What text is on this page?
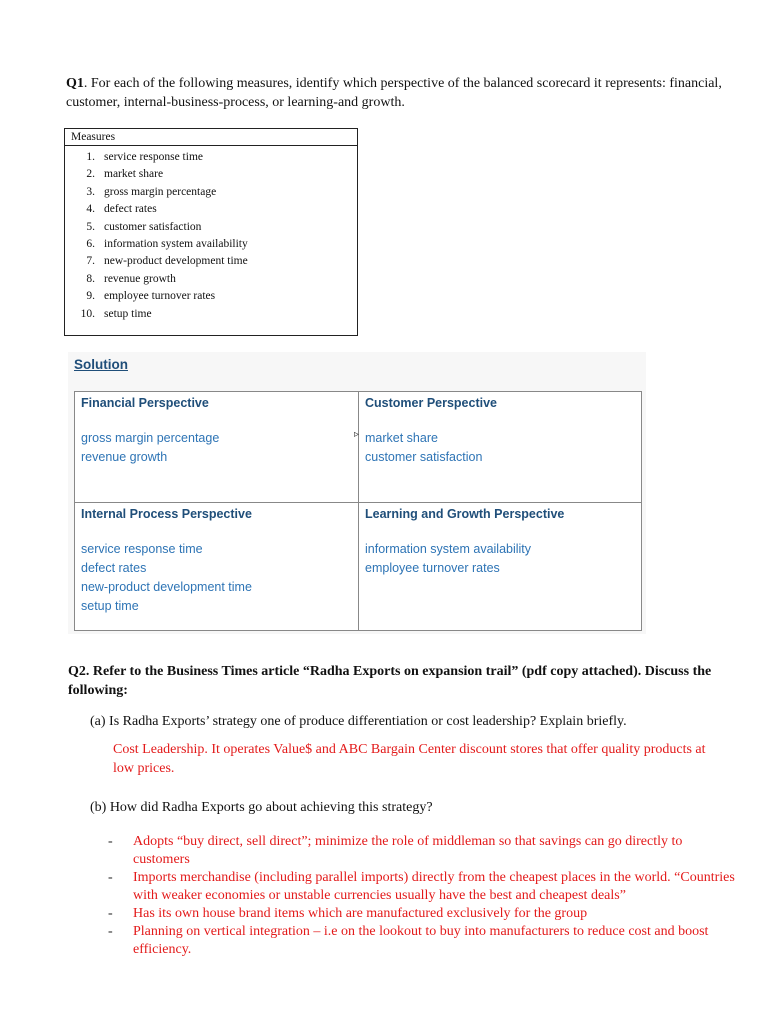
Q1. For each of the following measures, identify which perspective of the balanced scorecard it represents: financial, customer, internal-business-process, or learning-and growth.
Measures
1. service response time
2. market share
3. gross margin percentage
4. defect rates
5. customer satisfaction
6. information system availability
7. new-product development time
8. revenue growth
9. employee turnover rates
10. setup time
Solution
▹
Financial Perspective
gross margin percentage
revenue growth
Customer Perspective
market share
customer satisfaction
Internal Process Perspective
service response time
defect rates
new-product development time
setup time
Learning and Growth Perspective
information system availability
employee turnover rates
Q2. Refer to the Business Times article “Radha Exports on expansion trail” (pdf copy attached). Discuss the following:
(a) Is Radha Exports’ strategy one of produce differentiation or cost leadership? Explain briefly.
Cost Leadership. It operates Value$ and ABC Bargain Center discount stores that offer quality products at low prices.
(b) How did Radha Exports go about achieving this strategy?
-	Adopts “buy direct, sell direct”; minimize the role of middleman so that savings can go directly to customers
-	Imports merchandise (including parallel imports) directly from the cheapest places in the world. “Countries with weaker economies or unstable currencies usually have the best and cheapest deals”
-	Has its own house brand items which are manufactured exclusively for the group
-	Planning on vertical integration – i.e on the lookout to buy into manufacturers to reduce cost and boost efficiency.
